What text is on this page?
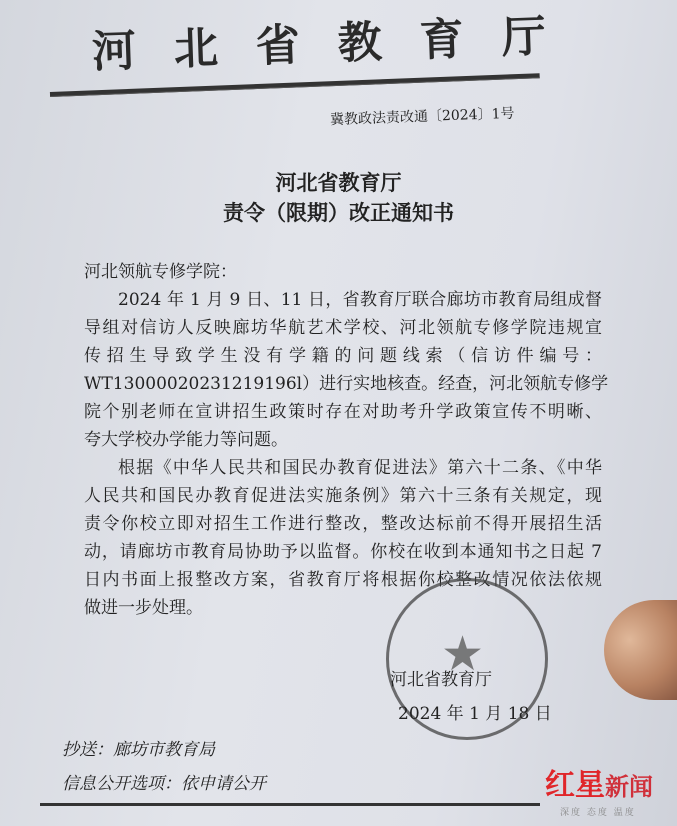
河北省教育厅
冀教政法责改通〔2024〕1号
河北省教育厅
责令（限期）改正通知书
河北领航专修学院：
2024 年 1 月 9 日、11 日，省教育厅联合廊坊市教育局组成督
导组对信访人反映廊坊华航艺术学校、河北领航专修学院违规宣
传招生导致学生没有学籍的问题线索（信访件编号：
WT13000020231219196l）进行实地核查。经查，河北领航专修学
院个别老师在宣讲招生政策时存在对助考升学政策宣传不明晰、
夸大学校办学能力等问题。
根据《中华人民共和国民办教育促进法》第六十二条、《中华
人民共和国民办教育促进法实施条例》第六十三条有关规定，现
责令你校立即对招生工作进行整改，整改达标前不得开展招生活
动，请廊坊市教育局协助予以监督。你校在收到本通知书之日起 7
日内书面上报整改方案，省教育厅将根据你校整改情况依法依规
做进一步处理。
★
河北省教育厅
2024 年 1 月 18 日
抄送：廊坊市教育局
信息公开选项：依申请公开	红星新闻
深度 态度 温度
